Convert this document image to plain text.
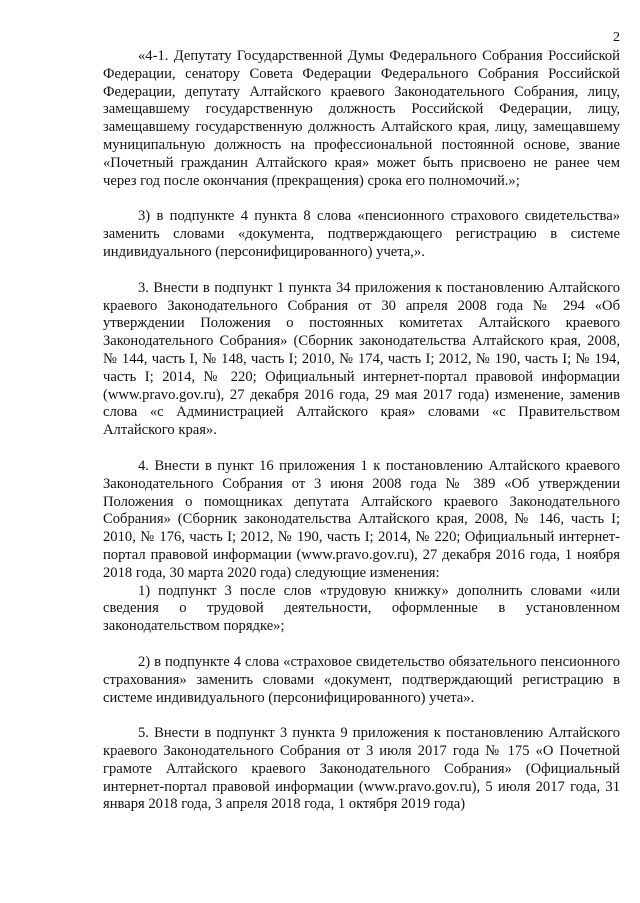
2

«4-1. Депутату Государственной Думы Федерального Собрания Российской Федерации, сенатору Совета Федерации Федерального Собрания Российской Федерации, депутату Алтайского краевого Законодательного Собрания, лицу, замещавшему государственную должность Российской Федерации, лицу, замещавшему государственную должность Алтайского края, лицу, замещавшему муниципальную должность на профессиональной постоянной основе, звание «Почетный гражданин Алтайского края» может быть присвоено не ранее чем через год после окончания (прекращения) срока его полномочий.»;

3) в подпункте 4 пункта 8 слова «пенсионного страхового свидетельства» заменить словами «документа, подтверждающего регистрацию в системе индивидуального (персонифицированного) учета,».

3. Внести в подпункт 1 пункта 34 приложения к постановлению Алтайского краевого Законодательного Собрания от 30 апреля 2008 года № 294 «Об утверждении Положения о постоянных комитетах Алтайского краевого Законодательного Собрания» (Сборник законодательства Алтайского края, 2008, № 144, часть I, № 148, часть I; 2010, № 174, часть I; 2012, № 190, часть I; № 194, часть I; 2014, № 220; Официальный интернет-портал правовой информации (www.pravo.gov.ru), 27 декабря 2016 года, 29 мая 2017 года) изменение, заменив слова «с Администрацией Алтайского края» словами «с Правительством Алтайского края».

4. Внести в пункт 16 приложения 1 к постановлению Алтайского краевого Законодательного Собрания от 3 июня 2008 года № 389 «Об утверждении Положения о помощниках депутата Алтайского краевого Законодательного Собрания» (Сборник законодательства Алтайского края, 2008, № 146, часть I; 2010, № 176, часть I; 2012, № 190, часть I; 2014, № 220; Официальный интернет-портал правовой информации (www.pravo.gov.ru), 27 декабря 2016 года, 1 ноября 2018 года, 30 марта 2020 года) следующие изменения:

1) подпункт 3 после слов «трудовую книжку» дополнить словами «или сведения о трудовой деятельности, оформленные в установленном законодательством порядке»;

2) в подпункте 4 слова «страховое свидетельство обязательного пенсионного страхования» заменить словами «документ, подтверждающий регистрацию в системе индивидуального (персонифицированного) учета».

5. Внести в подпункт 3 пункта 9 приложения к постановлению Алтайского краевого Законодательного Собрания от 3 июля 2017 года № 175 «О Почетной грамоте Алтайского краевого Законодательного Собрания» (Официальный интернет-портал правовой информации (www.pravo.gov.ru), 5 июля 2017 года, 31 января 2018 года, 3 апреля 2018 года, 1 октября 2019 года)
